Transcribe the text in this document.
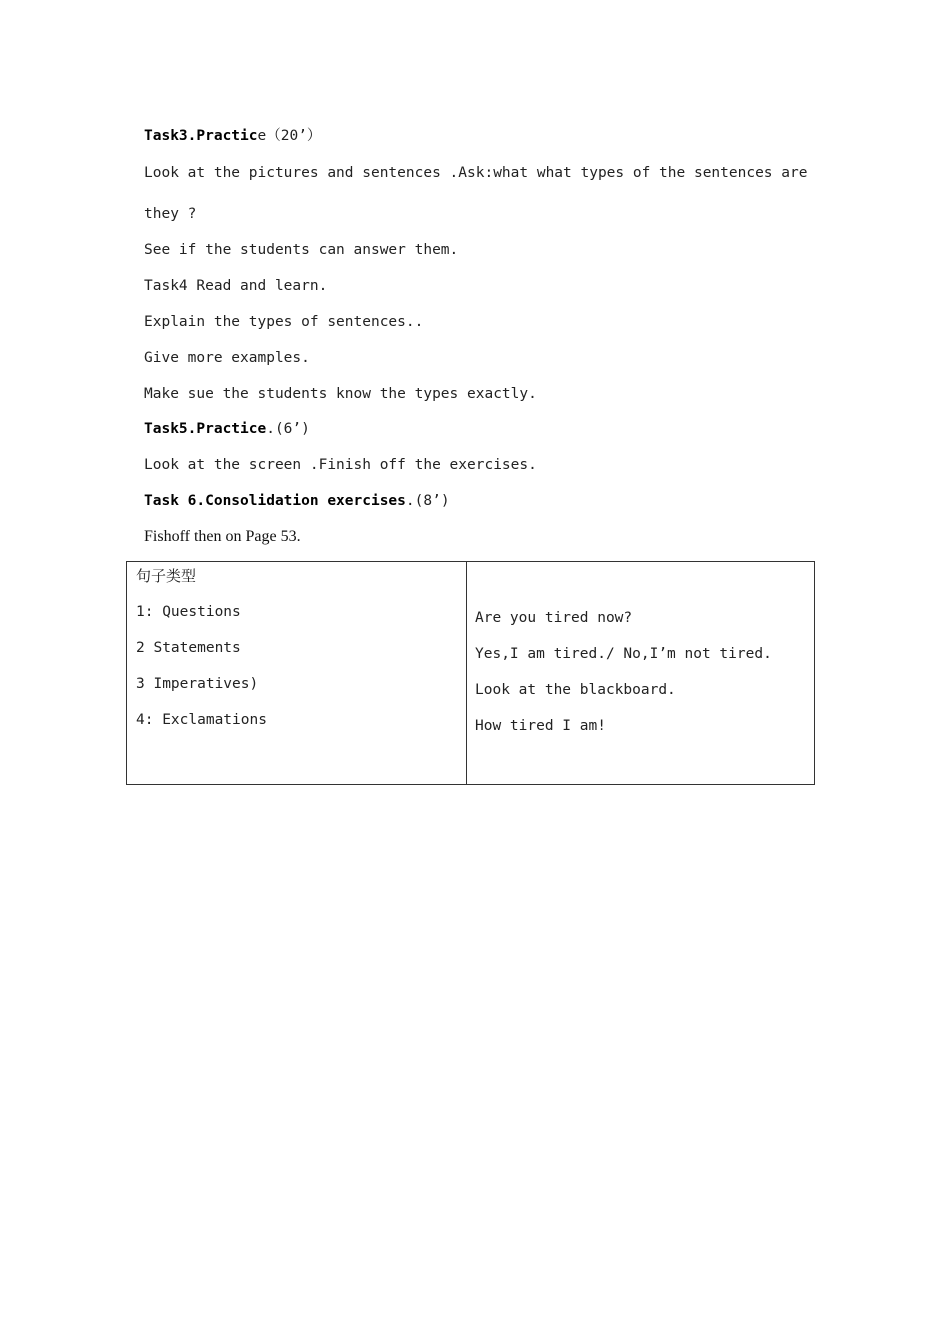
Task3.Practice（20’）
Look at the pictures and sentences .Ask:what what types of the sentences are
they ?
See if the students can answer them.
Task4 Read and learn.
Explain the types of sentences..
Give more examples.
Make sue the students know the types exactly.
Task5.Practice.(6’)
Look at the screen .Finish off the exercises.
Task 6.Consolidation exercises.(8’)
Fishoff then on Page 53.
句子类型
1: Questions
2 Statements
3 Imperatives)
4: Exclamations
Are you tired now?
Yes,I am tired./ No,I’m not tired.
Look at the blackboard.
How tired I am!
